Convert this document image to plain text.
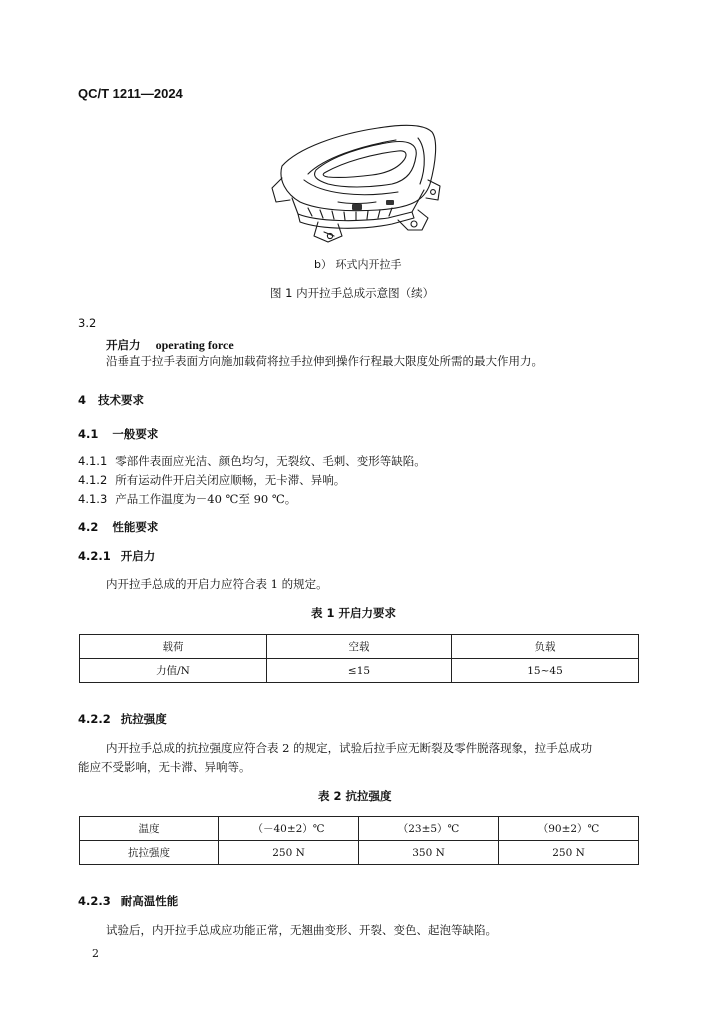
QC/T 1211—2024
b） 环式内开拉手
图 1 内开拉手总成示意图（续）
3.2
开启力 operating force
沿垂直于拉手表面方向施加载荷将拉手拉伸到操作行程最大限度处所需的最大作用力。
4 技术要求
4.1 一般要求
4.1.1 零部件表面应光洁、颜色均匀，无裂纹、毛刺、变形等缺陷。
4.1.2 所有运动件开启关闭应顺畅，无卡滞、异响。
4.1.3 产品工作温度为－40 ℃至 90 ℃。
4.2 性能要求
4.2.1 开启力
内开拉手总成的开启力应符合表 1 的规定。
表 1 开启力要求
载荷	空载	负载
力值/N	≤15	15~45
4.2.2 抗拉强度
内开拉手总成的抗拉强度应符合表 2 的规定，试验后拉手应无断裂及零件脱落现象，拉手总成功
能应不受影响，无卡滞、异响等。
表 2 抗拉强度
温度	（－40±2）℃	（23±5）℃	（90±2）℃
抗拉强度	250 N	350 N	250 N
4.2.3 耐高温性能
试验后，内开拉手总成应功能正常，无翘曲变形、开裂、变色、起泡等缺陷。
2
